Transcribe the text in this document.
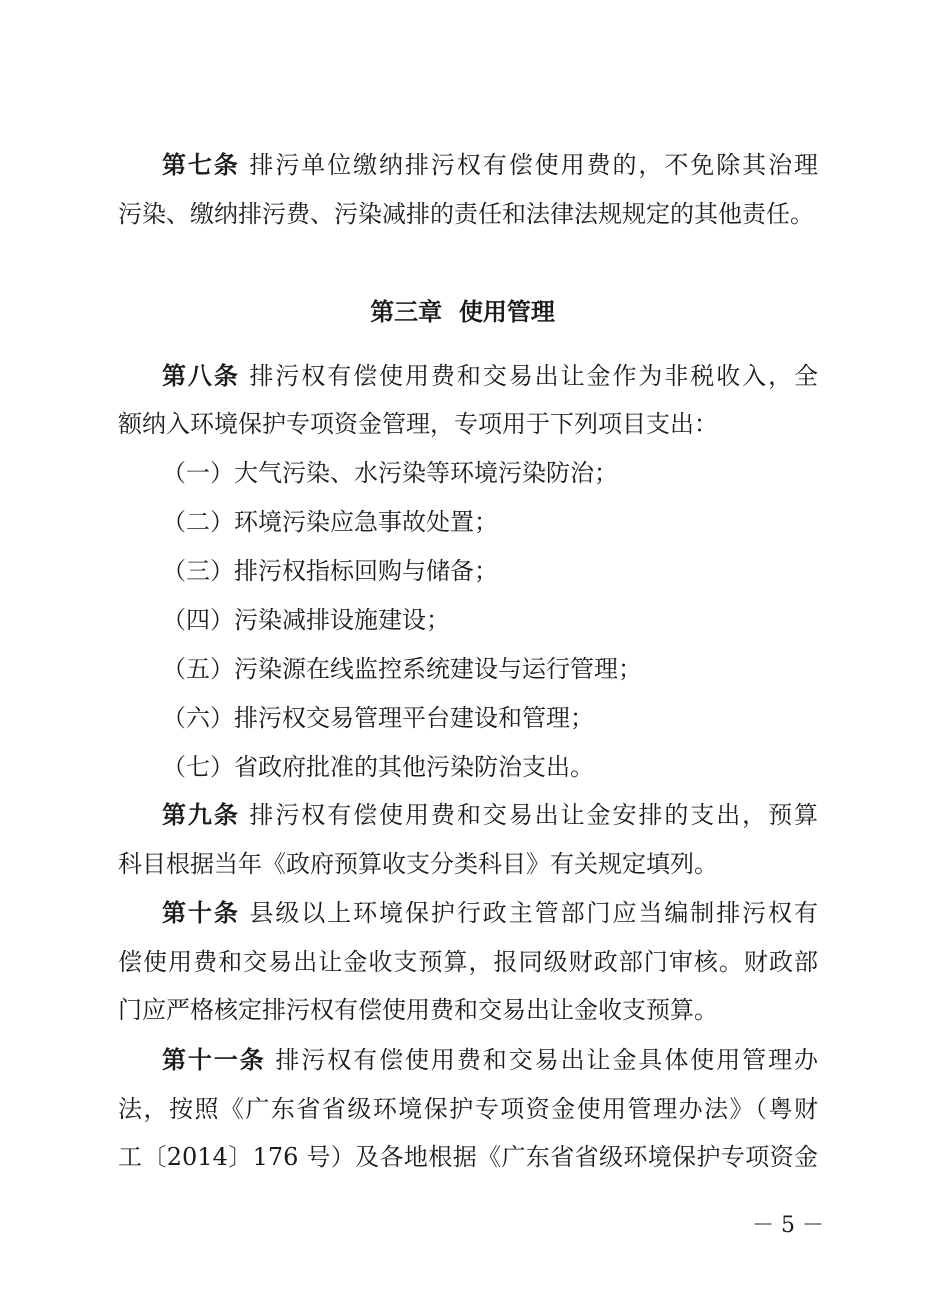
第七条 排污单位缴纳排污权有偿使用费的，不免除其治理
污染、缴纳排污费、污染减排的责任和法律法规规定的其他责任。
第三章  使用管理
第八条 排污权有偿使用费和交易出让金作为非税收入，全
额纳入环境保护专项资金管理，专项用于下列项目支出：
（一）大气污染、水污染等环境污染防治；
（二）环境污染应急事故处置；
（三）排污权指标回购与储备；
（四）污染减排设施建设；
（五）污染源在线监控系统建设与运行管理；
（六）排污权交易管理平台建设和管理；
（七）省政府批准的其他污染防治支出。
第九条 排污权有偿使用费和交易出让金安排的支出，预算
科目根据当年《政府预算收支分类科目》有关规定填列。
第十条 县级以上环境保护行政主管部门应当编制排污权有
偿使用费和交易出让金收支预算，报同级财政部门审核。财政部
门应严格核定排污权有偿使用费和交易出让金收支预算。
第十一条 排污权有偿使用费和交易出让金具体使用管理办
法，按照《广东省省级环境保护专项资金使用管理办法》（粤财
工〔2014〕176 号）及各地根据《广东省省级环境保护专项资金
－ 5 －
